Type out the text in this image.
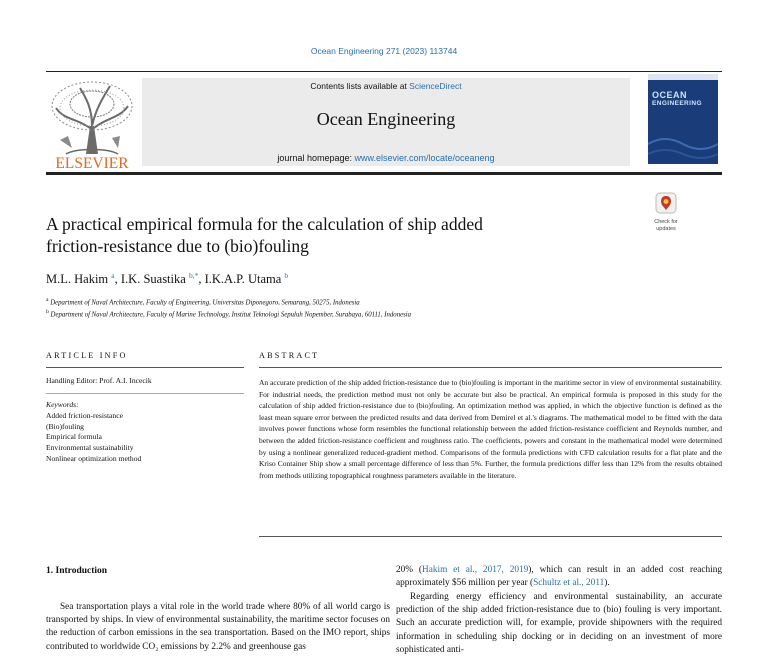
Ocean Engineering 271 (2023) 113744
ELSEVIER
Contents lists available at ScienceDirect
Ocean Engineering
journal homepage: www.elsevier.com/locate/oceaneng
OCEAN
ENGINEERING
A practical empirical formula for the calculation of ship added
friction-resistance due to (bio)fouling
Check for
updates
M.L. Hakim $^a$, I.K. Suastika $^{b,*}$, I.K.A.P. Utama $^b$
$^a$ Department of Naval Architecture, Faculty of Engineering, Universitas Diponegoro, Semarang, 50275, Indonesia
$^b$ Department of Naval Architecture, Faculty of Marine Technology, Institut Teknologi Sepuluh Nopember, Surabaya, 60111, Indonesia
ARTICLE INFO	ABSTRACT
Handling Editor: Prof. A.I. Incecik
Keywords:
Added friction-resistance
(Bio)fouling
Empirical formula
Environmental sustainability
Nonlinear optimization method
An accurate prediction of the ship added friction-resistance due to (bio)fouling is important in the maritime sector in view of environmental sustainability. For industrial needs, the prediction method must not only be accurate but also be practical. An empirical formula is proposed in this study for the calculation of ship added friction-resistance due to (bio)fouling. An optimization method was applied, in which the objective function is defined as the least mean square error between the predicted results and data derived from Demirel et al.'s diagrams. The mathematical model to be fitted with the data involves power functions whose form resembles the functional relationship between the added friction-resistance coefficient and Reynolds number, and between the added friction-resistance coefficient and roughness ratio. The coefficients, powers and constant in the mathematical model were determined by using a nonlinear generalized reduced-gradient method. Comparisons of the formula predictions with CFD calculation results for a flat plate and the Kriso Container Ship show a small percentage difference of less than 5%. Further, the formula predictions differ less than 12% from the results obtained from methods utilizing topographical roughness parameters available in the literature.
1. Introduction
Sea transportation plays a vital role in the world trade where 80% of all world cargo is transported by ships. In view of environmental sustainability, the maritime sector focuses on the reduction of carbon emissions in the sea transportation. Based on the IMO report, ships contributed to worldwide CO₂ emissions by 2.2% and greenhouse gas
20% (Hakim et al., 2017, 2019), which can result in an added cost reaching approximately $56 million per year (Schultz et al., 2011).
Regarding energy efficiency and environmental sustainability, an accurate prediction of the ship added friction-resistance due to (bio) fouling is very important. Such an accurate prediction will, for example, provide shipowners with the required information in scheduling ship docking or in deciding on an investment of more sophisticated anti-
